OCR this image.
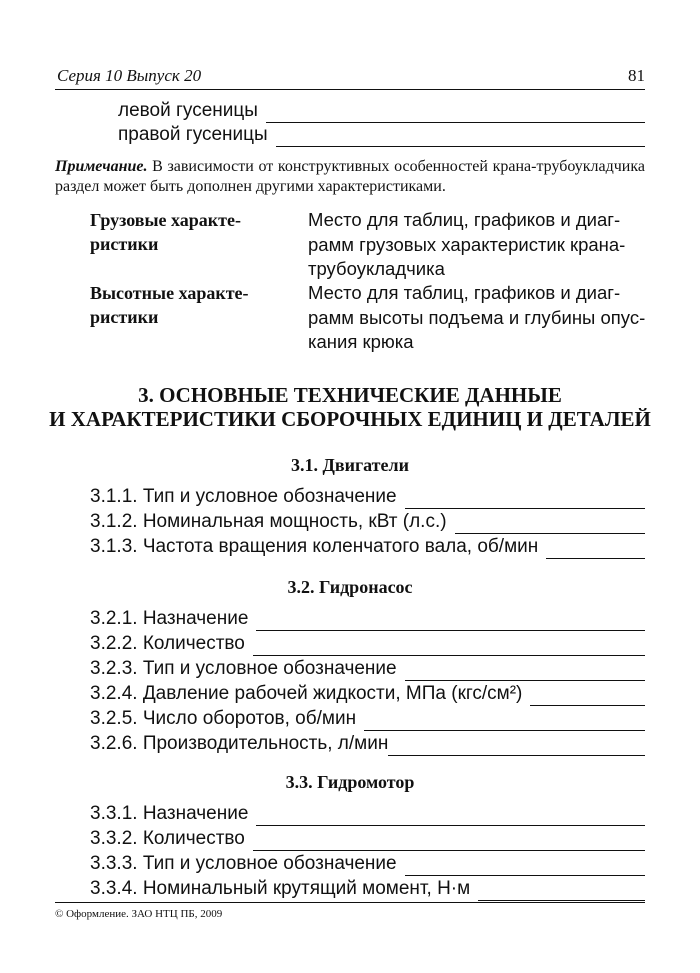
Серия 10 Выпуск 20	81
левой гусеницы
правой гусеницы
Примечание. В зависимости от конструктивных особенностей крана-трубоукладчика раздел может быть дополнен другими характеристиками.
Грузовые характе-
ристики
Место для таблиц, графиков и диаг-
рамм грузовых характеристик крана-
трубоукладчика
Высотные характе-
ристики
Место для таблиц, графиков и диаг-
рамм высоты подъема и глубины опус-
кания крюка
3. ОСНОВНЫЕ ТЕХНИЧЕСКИЕ ДАННЫЕ
И ХАРАКТЕРИСТИКИ СБОРОЧНЫХ ЕДИНИЦ И ДЕТАЛЕЙ
3.1. Двигатели
3.1.1. Тип и условное обозначение
3.1.2. Номинальная мощность, кВт (л.с.)
3.1.3. Частота вращения коленчатого вала, об/мин
3.2. Гидронасос
3.2.1. Назначение
3.2.2. Количество
3.2.3. Тип и условное обозначение
3.2.4. Давление рабочей жидкости, МПа (кгс/см²)
3.2.5. Число оборотов, об/мин
3.2.6. Производительность, л/мин
3.3. Гидромотор
3.3.1. Назначение
3.3.2. Количество
3.3.3. Тип и условное обозначение
3.3.4. Номинальный крутящий момент, Н·м
© Оформление. ЗАО НТЦ ПБ, 2009
